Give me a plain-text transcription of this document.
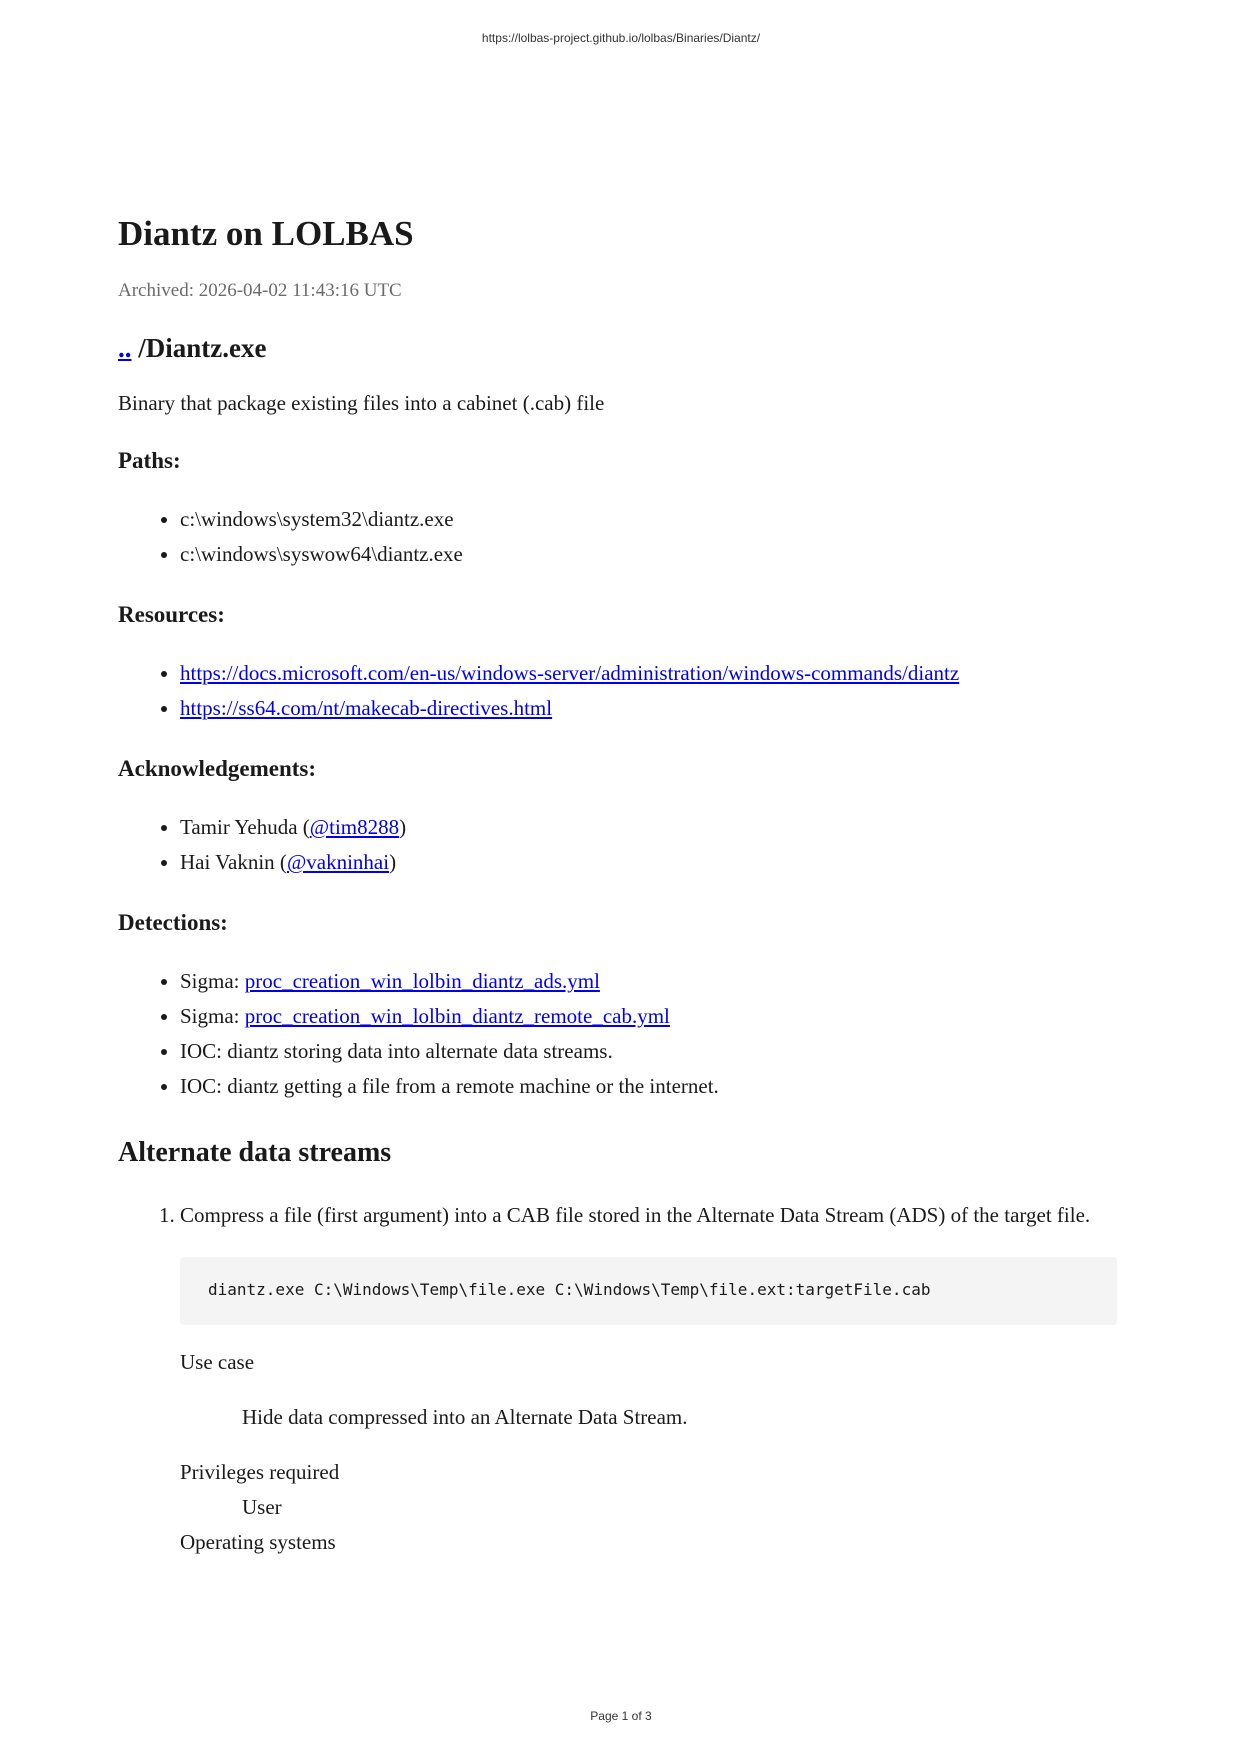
https://lolbas-project.github.io/lolbas/Binaries/Diantz/
Diantz on LOLBAS
Archived: 2026-04-02 11:43:16 UTC
.. /Diantz.exe

Binary that package existing files into a cabinet (.cab) file

Paths:
• c:\windows\system32\diantz.exe
• c:\windows\syswow64\diantz.exe
Resources:
• https://docs.microsoft.com/en-us/windows-server/administration/windows-commands/diantz
• https://ss64.com/nt/makecab-directives.html
Acknowledgements:
• Tamir Yehuda (@tim8288)
• Hai Vaknin (@vakninhai)
Detections:
• Sigma: proc_creation_win_lolbin_diantz_ads.yml
• Sigma: proc_creation_win_lolbin_diantz_remote_cab.yml
• IOC: diantz storing data into alternate data streams.
• IOC: diantz getting a file from a remote machine or the internet.
Alternate data streams
1. Compress a file (first argument) into a CAB file stored in the Alternate Data Stream (ADS) of the target file.
diantz.exe C:\Windows\Temp\file.exe C:\Windows\Temp\file.ext:targetFile.cab
Use case
Hide data compressed into an Alternate Data Stream.
Privileges required
User
Operating systems
Page 1 of 3
